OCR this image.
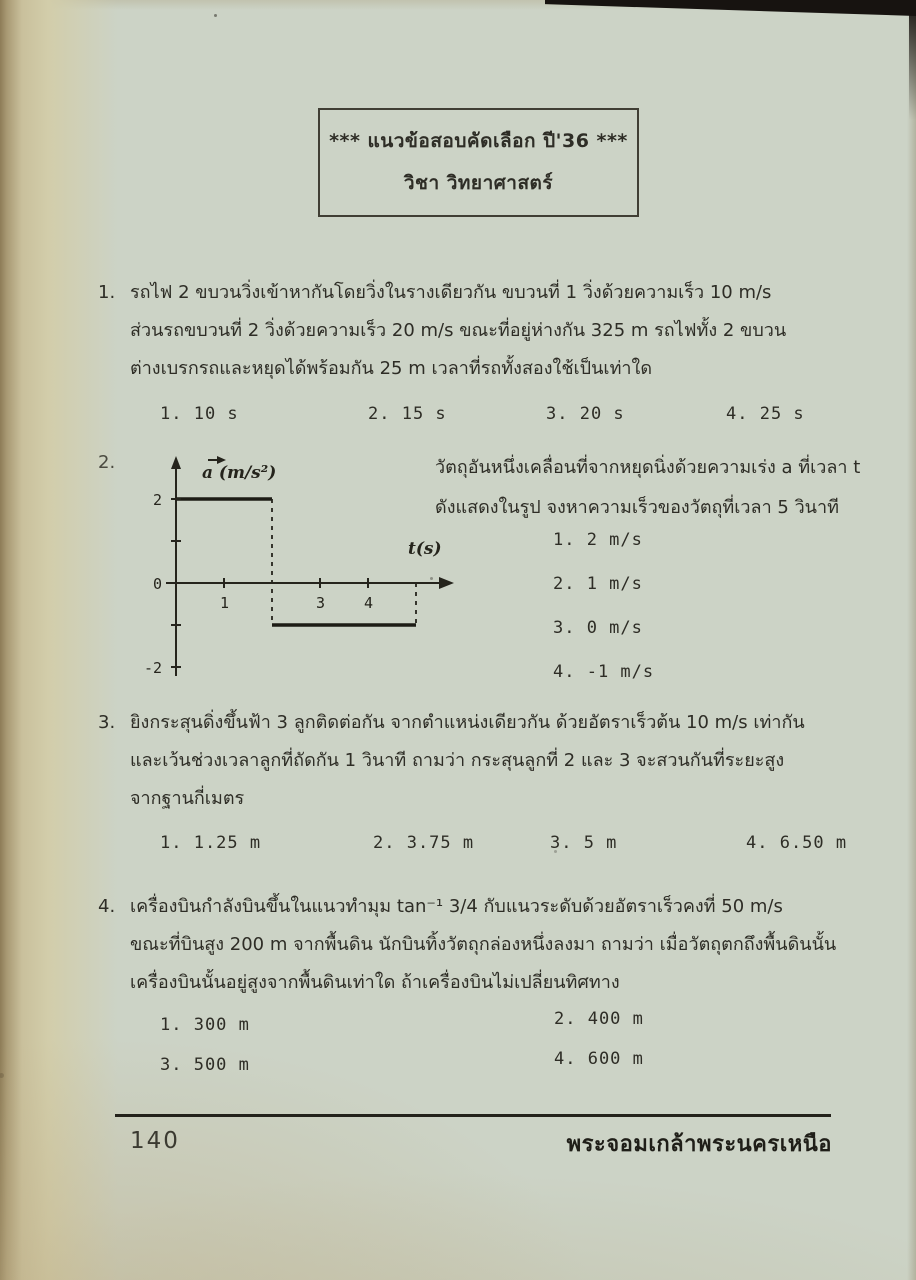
*** แนวข้อสอบคัดเลือก ปี'36 ***
วิชา วิทยาศาสตร์
1. รถไฟ 2 ขบวนวิ่งเข้าหากันโดยวิ่งในรางเดียวกัน ขบวนที่ 1 วิ่งด้วยความเร็ว 10 m/s
ส่วนรถขบวนที่ 2 วิ่งด้วยความเร็ว 20 m/s ขณะที่อยู่ห่างกัน 325 m รถไฟทั้ง 2 ขบวน
ต่างเบรกรถและหยุดได้พร้อมกัน 25 m เวลาที่รถทั้งสองใช้เป็นเท่าใด
1. 10 s	2. 15 s	3. 20 s	4. 25 s
2.	a (m/s²)
t(s)
1	3	4
2
0
-2
วัตถุอันหนึ่งเคลื่อนที่จากหยุดนิ่งด้วยความเร่ง a ที่เวลา t
ดังแสดงในรูป จงหาความเร็วของวัตถุที่เวลา 5 วินาที
1. 2 m/s
2. 1 m/s
3. 0 m/s
4. -1 m/s
3. ยิงกระสุนดิ่งขึ้นฟ้า 3 ลูกติดต่อกัน จากตำแหน่งเดียวกัน ด้วยอัตราเร็วต้น 10 m/s เท่ากัน
และเว้นช่วงเวลาลูกที่ถัดกัน 1 วินาที ถามว่า กระสุนลูกที่ 2 และ 3 จะสวนกันที่ระยะสูง
จากฐานกี่เมตร
1. 1.25 m	2. 3.75 m	3. 5 m	4. 6.50 m
4. เครื่องบินกำลังบินขึ้นในแนวทำมุม tan⁻¹ 3/4 กับแนวระดับด้วยอัตราเร็วคงที่ 50 m/s
ขณะที่บินสูง 200 m จากพื้นดิน นักบินทิ้งวัตถุกล่องหนึ่งลงมา ถามว่า เมื่อวัตถุตกถึงพื้นดินนั้น
เครื่องบินนั้นอยู่สูงจากพื้นดินเท่าใด ถ้าเครื่องบินไม่เปลี่ยนทิศทาง
1. 300 m	2. 400 m
3. 500 m	4. 600 m
140	พระจอมเกล้าพระนครเหนือ
